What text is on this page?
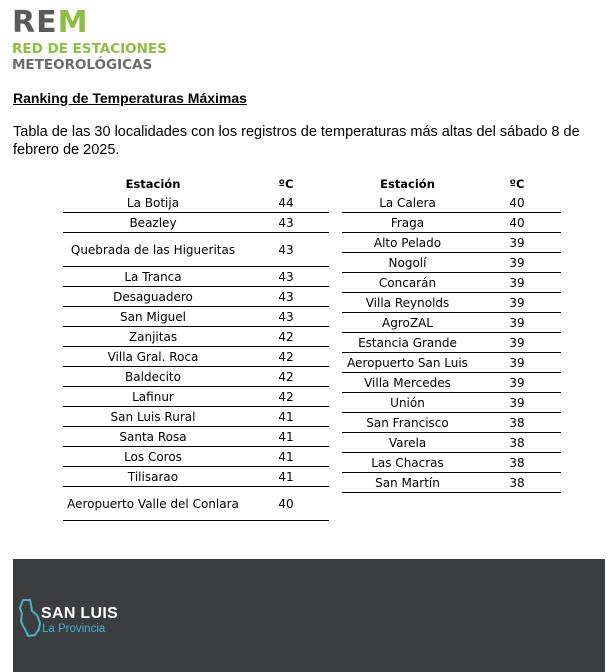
REM
RED DE ESTACIONES
METEOROLÓGICAS
Ranking de Temperaturas Máximas
Tabla de las 30 localidades con los registros de temperaturas más altas del sábado 8 de febrero de 2025.
Estación	ºC
La Botija	44
Beazley	43
Quebrada de las Higueritas	43
La Tranca	43
Desaguadero	43
San Miguel	43
Zanjitas	42
Villa Gral. Roca	42
Baldecito	42
Lafinur	42
San Luis Rural	41
Santa Rosa	41
Los Coros	41
Tilisarao	41
Aeropuerto Valle del Conlara	40
Estación	ºC
La Calera	40
Fraga	40
Alto Pelado	39
Nogolí	39
Concarán	39
Villa Reynolds	39
AgroZAL	39
Estancia Grande	39
Aeropuerto San Luis	39
Villa Mercedes	39
Unión	39
San Francisco	38
Varela	38
Las Chacras	38
San Martín	38
SAN LUIS
La Provincia
